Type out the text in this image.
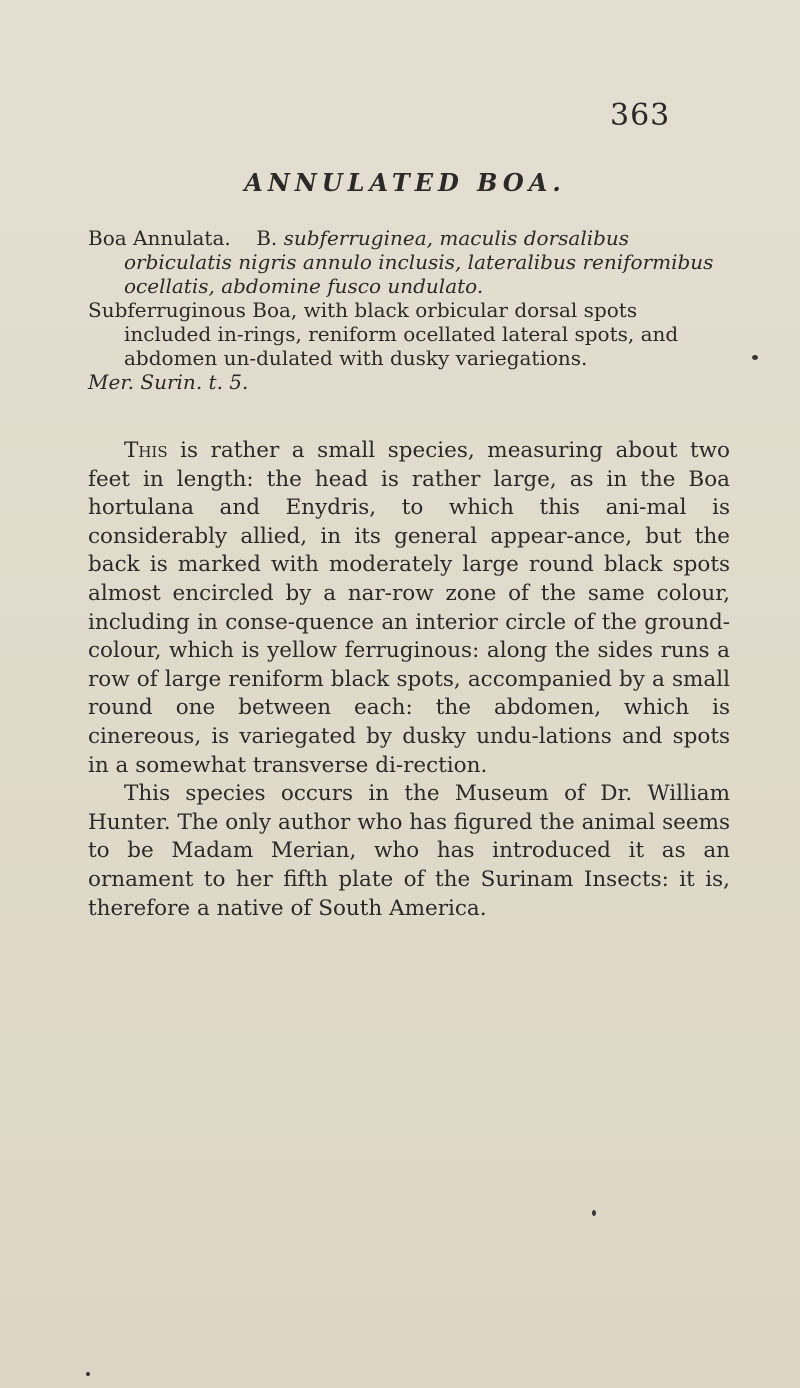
363
ANNULATED BOA.

Boa Annulata. B. subferruginea, maculis dorsalibus orbiculatis nigris annulo inclusis, lateralibus reniformibus ocellatis, abdomine fusco undulato.

Subferruginous Boa, with black orbicular dorsal spots included in-rings, reniform ocellated lateral spots, and abdomen un-dulated with dusky variegations.

Mer. Surin. t. 5.

This is rather a small species, measuring about two feet in length: the head is rather large, as in the Boa hortulana and Enydris, to which this ani-mal is considerably allied, in its general appear-ance, but the back is marked with moderately large round black spots almost encircled by a nar-row zone of the same colour, including in conse-quence an interior circle of the ground-colour, which is yellow ferruginous: along the sides runs a row of large reniform black spots, accompanied by a small round one between each: the abdomen, which is cinereous, is variegated by dusky undu-lations and spots in a somewhat transverse di-rection.

This species occurs in the Museum of Dr. William Hunter. The only author who has figured the animal seems to be Madam Merian, who has introduced it as an ornament to her fifth plate of the Surinam Insects: it is, therefore a native of South America.
